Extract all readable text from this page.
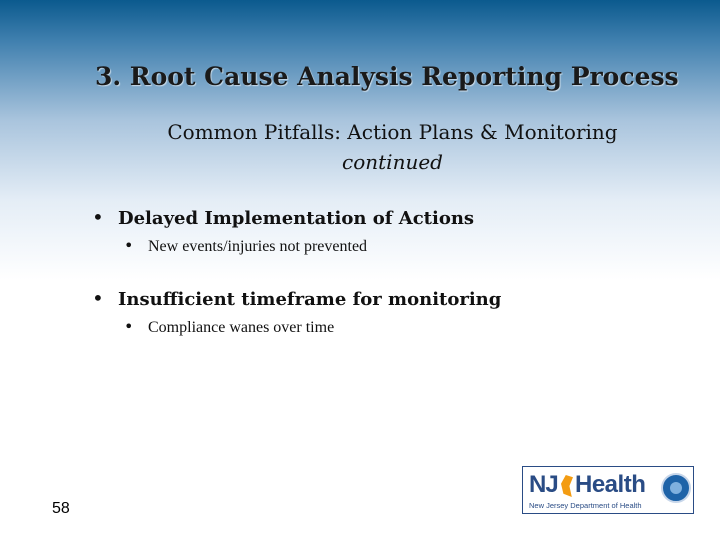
3. Root Cause Analysis Reporting Process
Common Pitfalls: Action Plans & Monitoring
continued
• Delayed Implementation of Actions
• New events/injuries not prevented
• Insufficient timeframe for monitoring
• Compliance wanes over time
58
NJ Health
New Jersey Department of Health
